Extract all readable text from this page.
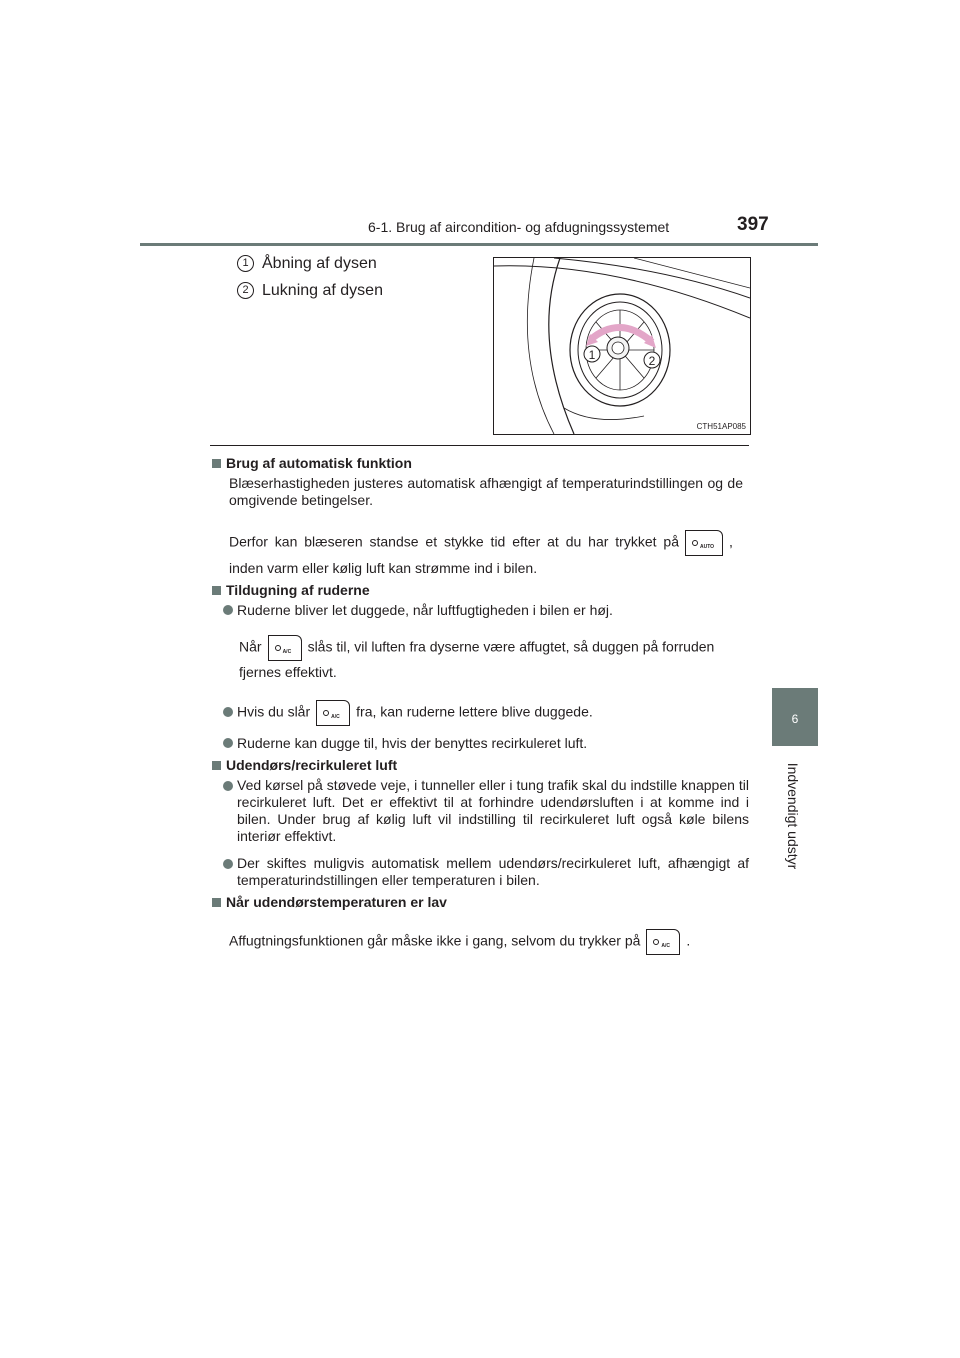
6-1. Brug af aircondition- og afdugningssystemet	397
6
Indvendigt udstyr
1 Åbning af dysen
2 Lukning af dysen
1	2
CTH51AP085
Brug af automatisk funktion
Blæserhastigheden justeres automatisk afhængigt af temperaturindstillingen og de omgivende betingelser.
Derfor kan blæseren standse et stykke tid efter at du har trykket på	AUTO ,
inden varm eller kølig luft kan strømme ind i bilen.
Tildugning af ruderne
Ruderne bliver let duggede, når luftfugtigheden i bilen er høj.
Når	A/C slås til, vil luften fra dyserne være affugtet, så duggen på forruden
fjernes effektivt.
Hvis du slår	A/C fra, kan ruderne lettere blive duggede.
Ruderne kan dugge til, hvis der benyttes recirkuleret luft.
Udendørs/recirkuleret luft
Ved kørsel på støvede veje, i tunneller eller i tung trafik skal du indstille knappen til recirkuleret luft. Det er effektivt til at forhindre udendørsluften i at komme ind i bilen. Under brug af kølig luft vil indstilling til recirkuleret luft også køle bilens interiør effektivt.
Der skiftes muligvis automatisk mellem udendørs/recirkuleret luft, afhængigt af temperaturindstillingen eller temperaturen i bilen.
Når udendørstemperaturen er lav
Affugtningsfunktionen går måske ikke i gang, selvom du trykker på	A/C .
